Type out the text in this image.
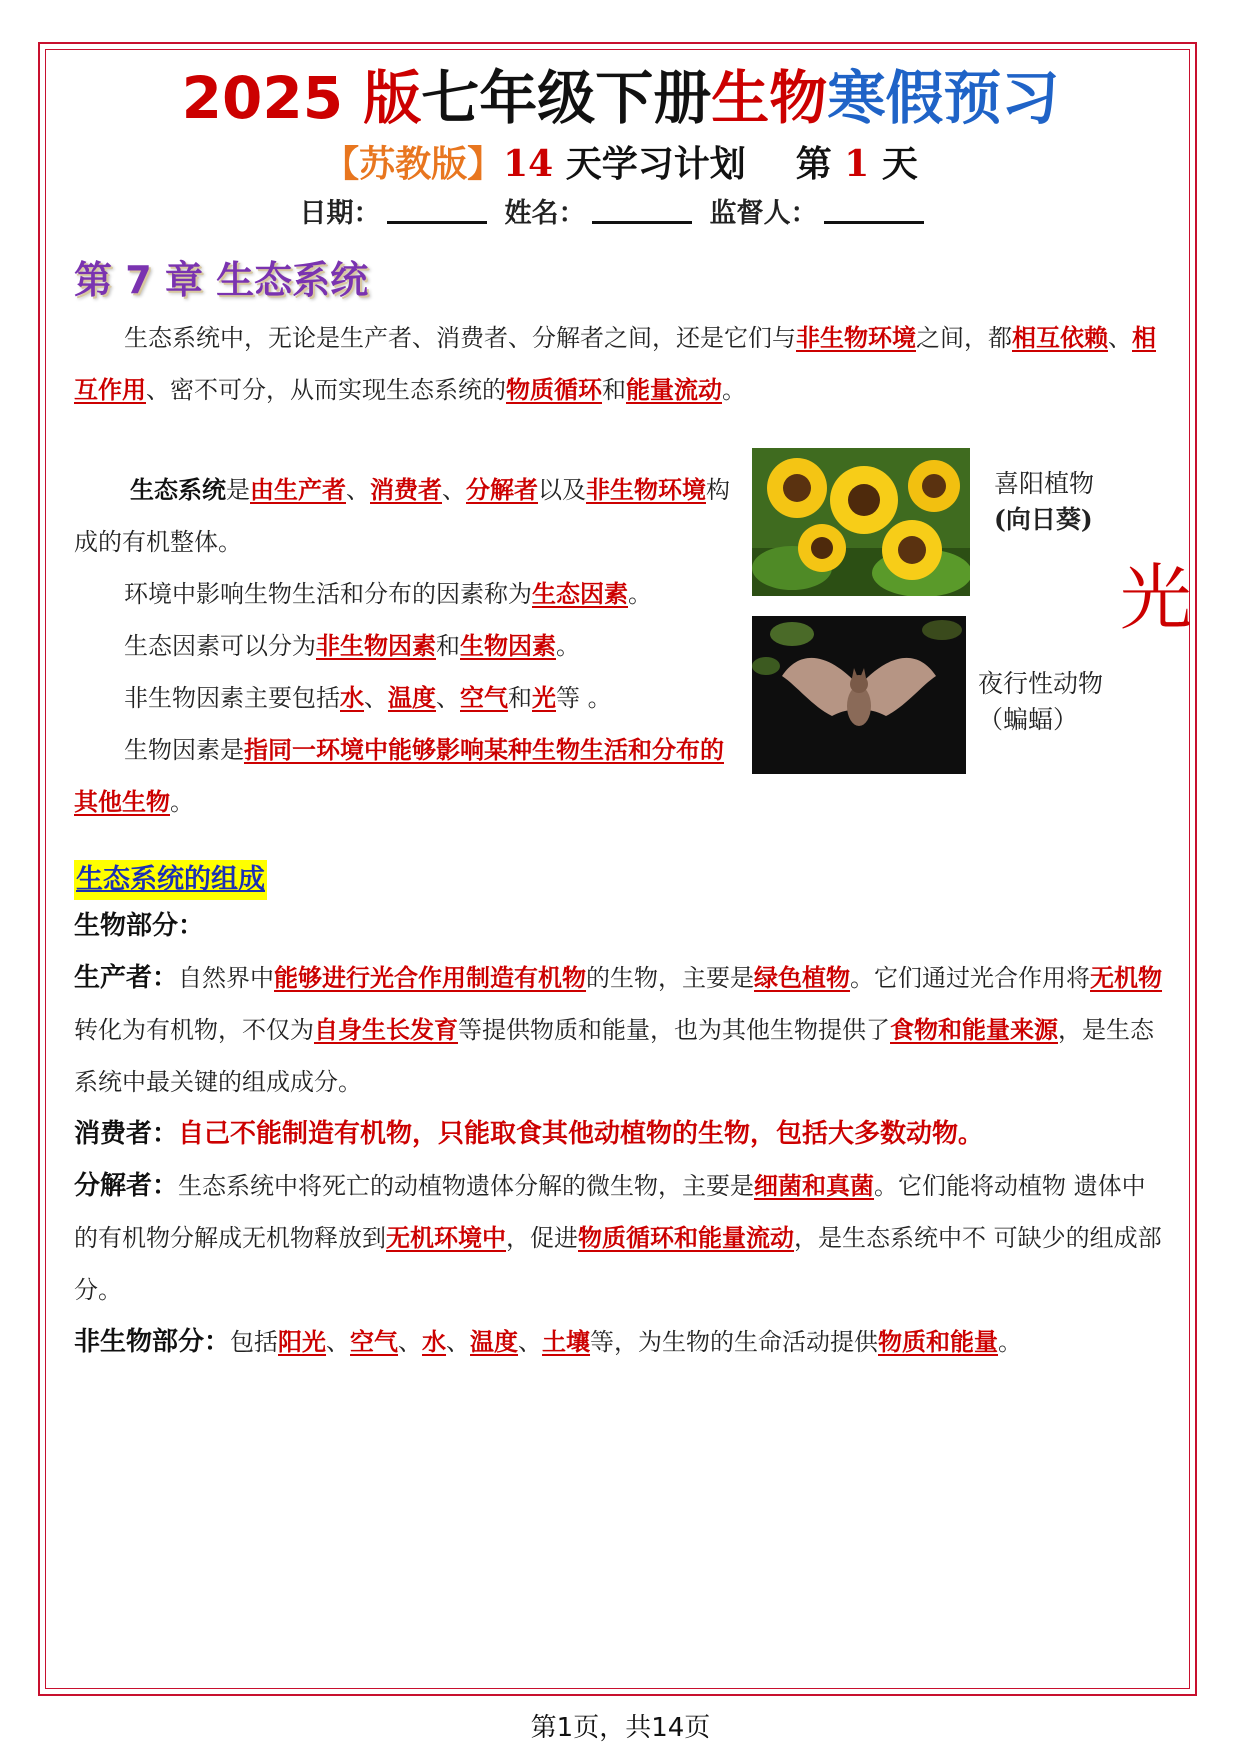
2025 版七年级下册生物寒假预习
【苏教版】14 天学习计划 第 1 天
日期：	姓名：	监督人：
第 7 章 生态系统
生态系统中，无论是生产者、消费者、分解者之间，还是它们与非生物环境之间，都相互依赖、相互作用、密不可分，从而实现生态系统的物质循环和能量流动。
生态系统是由生产者、消费者、分解者以及非生物环境构成的有机整体。
环境中影响生物生活和分布的因素称为生态因素。
生态因素可以分为非生物因素和生物因素。
非生物因素主要包括水、温度、空气和光等 。
生物因素是指同一环境中能够影响某种生物生活和分布的其他生物。
喜阳植物
(向日葵)
光
夜行性动物
（蝙蝠）
生态系统的组成
生物部分：
生产者：自然界中能够进行光合作用制造有机物的生物，主要是绿色植物。它们通过光合作用将无机物转化为有机物，不仅为自身生长发育等提供物质和能量，也为其他生物提供了食物和能量来源，是生态系统中最关键的组成成分。
消费者：自己不能制造有机物，只能取食其他动植物的生物，包括大多数动物。
分解者：生态系统中将死亡的动植物遗体分解的微生物，主要是细菌和真菌。它们能将动植物 遗体中的有机物分解成无机物释放到无机环境中，促进物质循环和能量流动，是生态系统中不 可缺少的组成部分。
非生物部分：包括阳光、空气、水、温度、土壤等，为生物的生命活动提供物质和能量。
第1页，共14页
